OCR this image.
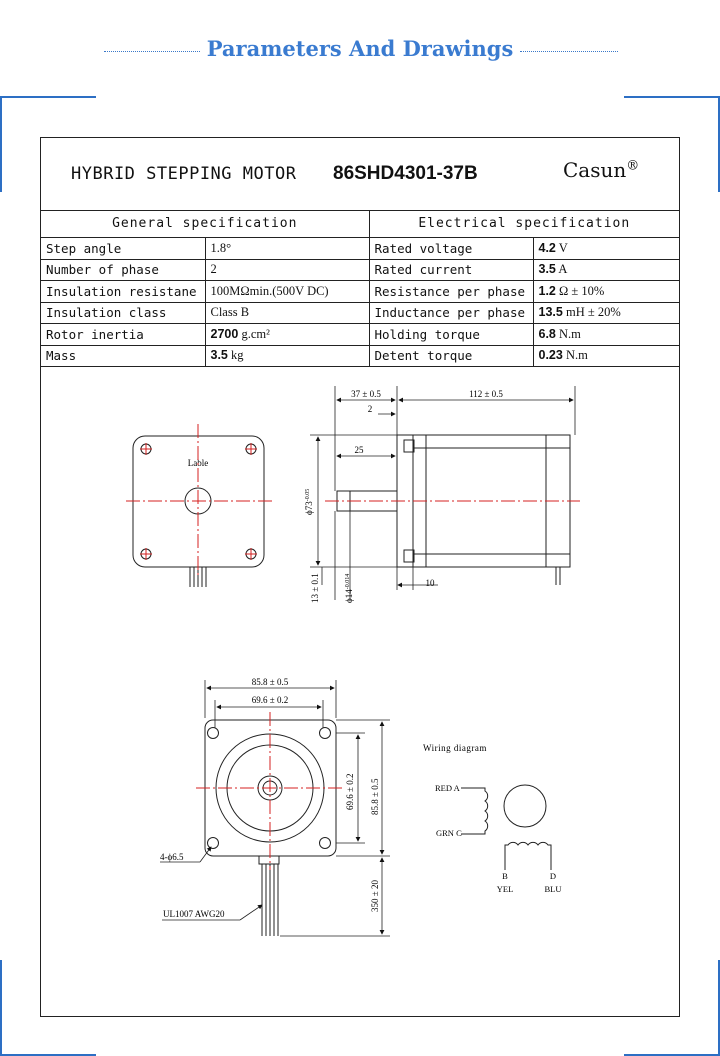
Parameters And Drawings
HYBRID STEPPING MOTOR 86SHD4301-37B	Casun®
General specification		Electrical specification	
Step angle	1.8°	Rated voltage	4.2 V
Number of phase	2	Rated current	3.5 A
Insulation resistane	100MΩmin.(500V DC)	Resistance per phase	1.2 Ω ± 10%
Insulation class	Class B	Inductance per phase	13.5 mH ± 20%
Rotor inertia	2700 g.cm²	Holding torque	6.8 N.m
Mass	3.5 kg	Detent torque	0.23 N.m
Lable
37 ± 0.5	112 ± 0.5
2
25
$\phi 73^{-0.05}$
13 ± 0.1	$\phi 14^{-0.014}$	10
85.8 ± 0.5
69.6 ± 0.2
69.6 ± 0.2 85.8 ± 0.5
350 ± 20
4-ϕ6.5
UL1007 AWG20
Wiring diagram
RED A
GRN C
B
YEL
D
BLU
